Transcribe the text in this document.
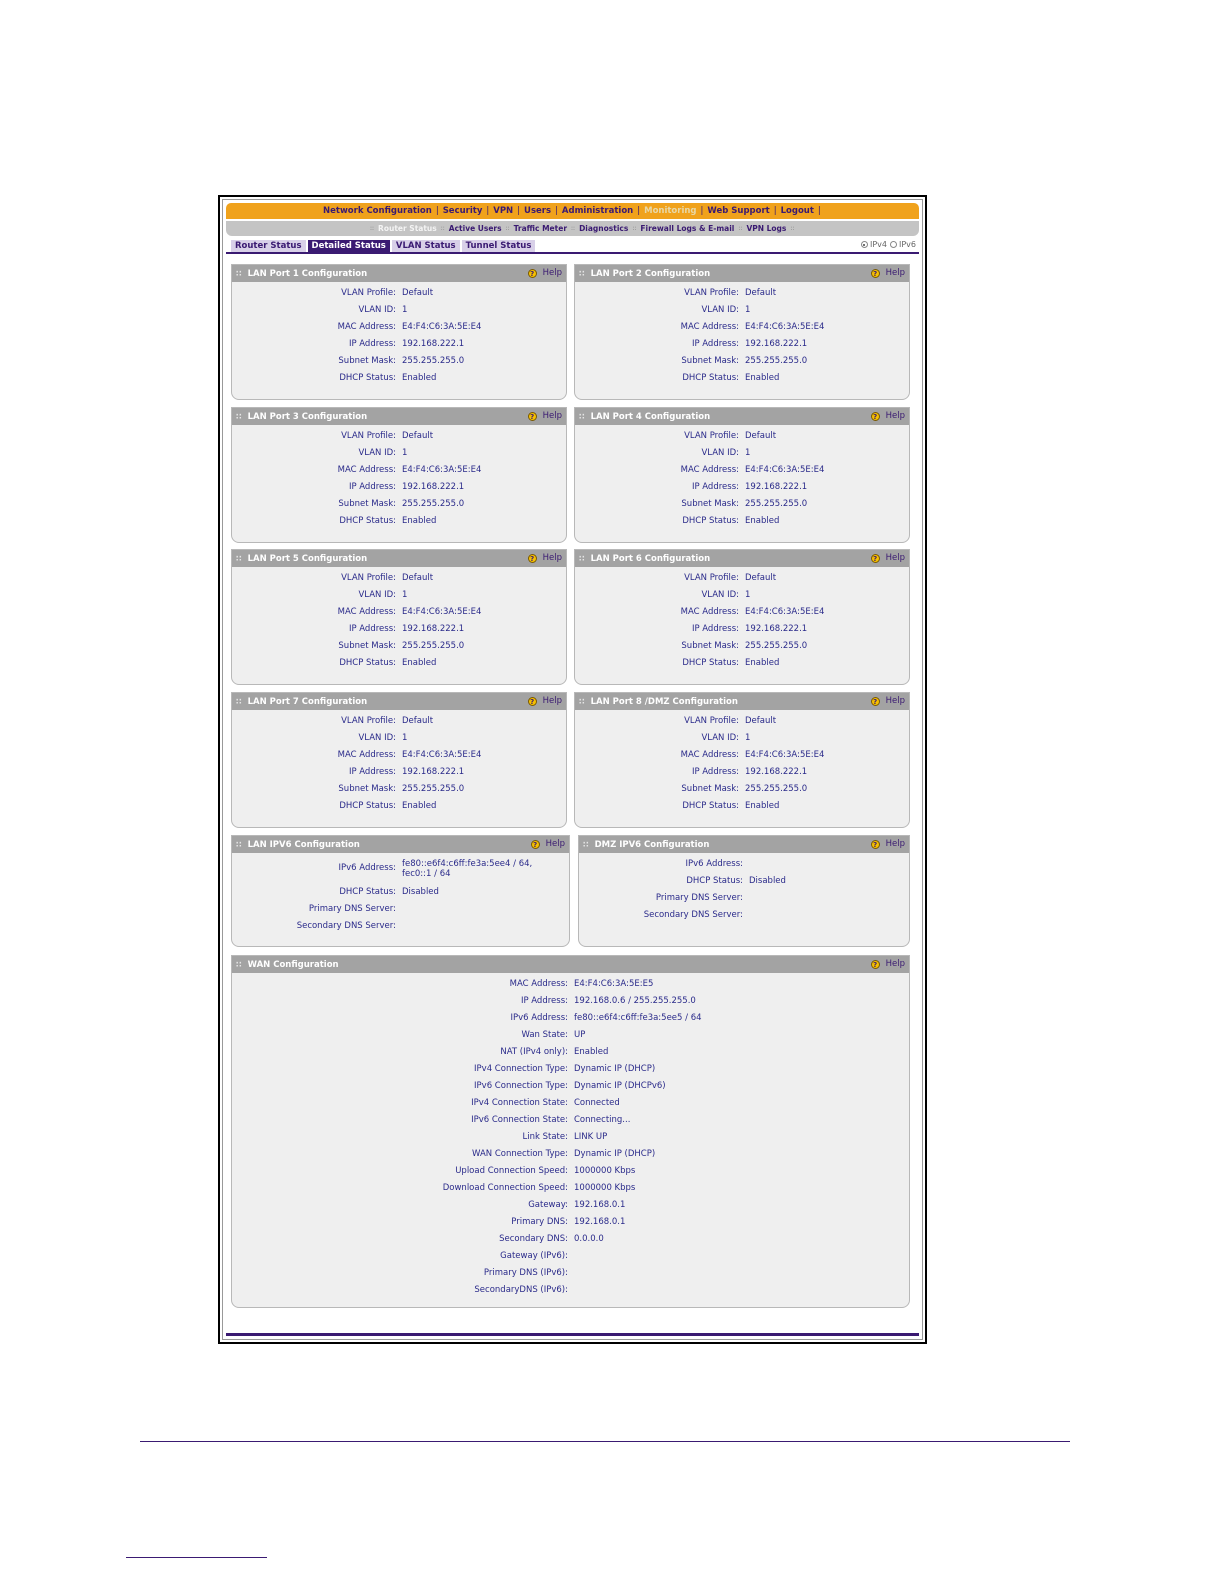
Network Configuration | Security | VPN | Users | Administration | Monitoring | Web Support | Logout |
:: Router Status :: Active Users :: Traffic Meter :: Diagnostics :: Firewall Logs & E-mail :: VPN Logs ::
Router Status	Detailed Status	VLAN Status	Tunnel Status	IPv4 IPv6
∷ LAN Port 1 Configuration	? Help
VLAN Profile: Default
VLAN ID: 1
MAC Address: E4:F4:C6:3A:5E:E4
IP Address: 192.168.222.1
Subnet Mask: 255.255.255.0
DHCP Status: Enabled
∷ LAN Port 2 Configuration	? Help
VLAN Profile: Default
VLAN ID: 1
MAC Address: E4:F4:C6:3A:5E:E4
IP Address: 192.168.222.1
Subnet Mask: 255.255.255.0
DHCP Status: Enabled
∷ LAN Port 3 Configuration	? Help
VLAN Profile: Default
VLAN ID: 1
MAC Address: E4:F4:C6:3A:5E:E4
IP Address: 192.168.222.1
Subnet Mask: 255.255.255.0
DHCP Status: Enabled
∷ LAN Port 4 Configuration	? Help
VLAN Profile: Default
VLAN ID: 1
MAC Address: E4:F4:C6:3A:5E:E4
IP Address: 192.168.222.1
Subnet Mask: 255.255.255.0
DHCP Status: Enabled
∷ LAN Port 5 Configuration	? Help
VLAN Profile: Default
VLAN ID: 1
MAC Address: E4:F4:C6:3A:5E:E4
IP Address: 192.168.222.1
Subnet Mask: 255.255.255.0
DHCP Status: Enabled
∷ LAN Port 6 Configuration	? Help
VLAN Profile: Default
VLAN ID: 1
MAC Address: E4:F4:C6:3A:5E:E4
IP Address: 192.168.222.1
Subnet Mask: 255.255.255.0
DHCP Status: Enabled
∷ LAN Port 7 Configuration	? Help
VLAN Profile: Default
VLAN ID: 1
MAC Address: E4:F4:C6:3A:5E:E4
IP Address: 192.168.222.1
Subnet Mask: 255.255.255.0
DHCP Status: Enabled
∷ LAN Port 8 /DMZ Configuration	? Help
VLAN Profile: Default
VLAN ID: 1
MAC Address: E4:F4:C6:3A:5E:E4
IP Address: 192.168.222.1
Subnet Mask: 255.255.255.0
DHCP Status: Enabled
∷ LAN IPV6 Configuration	? Help
IPv6 Address: fe80::e6f4:c6ff:fe3a:5ee4 / 64, fec0::1 / 64
DHCP Status: Disabled
Primary DNS Server:
Secondary DNS Server:
∷ DMZ IPV6 Configuration	? Help
IPv6 Address:
DHCP Status: Disabled
Primary DNS Server:
Secondary DNS Server:
∷ WAN Configuration	? Help
MAC Address: E4:F4:C6:3A:5E:E5
IP Address: 192.168.0.6 / 255.255.255.0
IPv6 Address: fe80::e6f4:c6ff:fe3a:5ee5 / 64
Wan State: UP
NAT (IPv4 only): Enabled
IPv4 Connection Type: Dynamic IP (DHCP)
IPv6 Connection Type: Dynamic IP (DHCPv6)
IPv4 Connection State: Connected
IPv6 Connection State: Connecting...
Link State: LINK UP
WAN Connection Type: Dynamic IP (DHCP)
Upload Connection Speed: 1000000 Kbps
Download Connection Speed: 1000000 Kbps
Gateway: 192.168.0.1
Primary DNS: 192.168.0.1
Secondary DNS: 0.0.0.0
Gateway (IPv6):
Primary DNS (IPv6):
SecondaryDNS (IPv6):
